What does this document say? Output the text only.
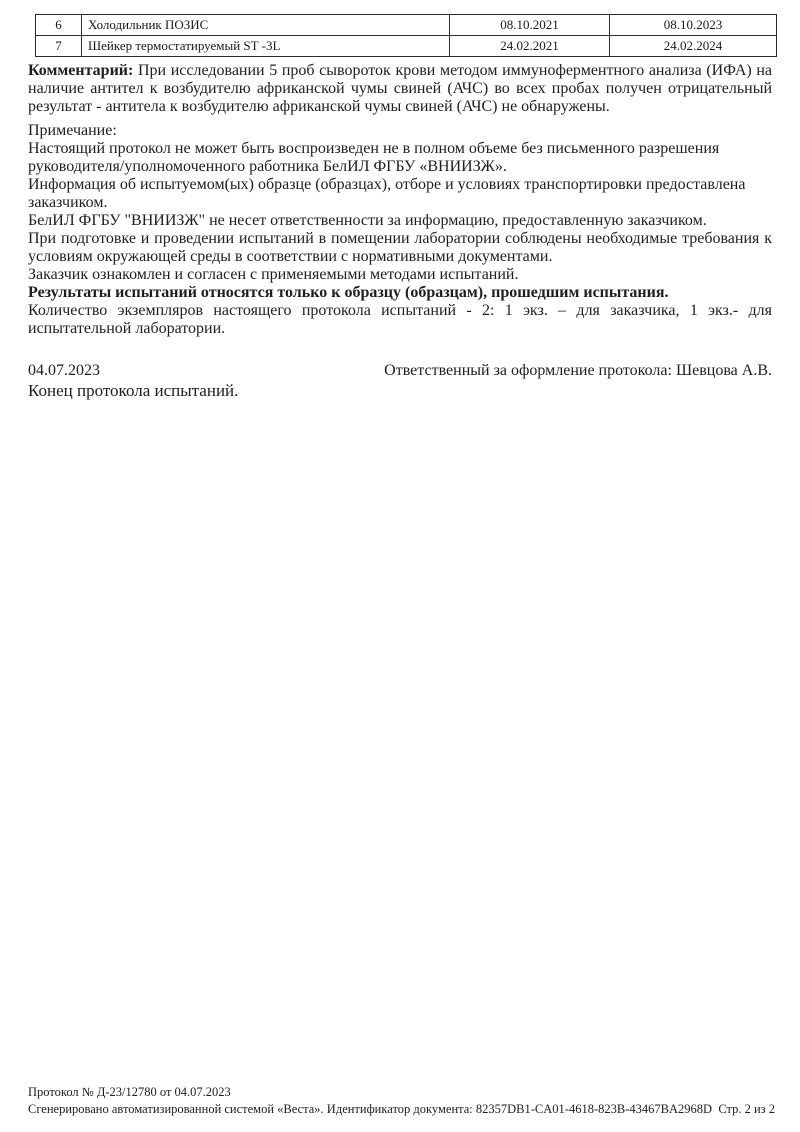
6	Холодильник ПОЗИС	08.10.2021	08.10.2023
7	Шейкер термостатируемый ST -3L	24.02.2021	24.02.2024

Комментарий: При исследовании 5 проб сывороток крови методом иммуноферментного анализа (ИФА) на наличие антител к возбудителю африканской чумы свиней (АЧС) во всех пробах получен отрицательный результат - антитела к возбудителю африканской чумы свиней (АЧС) не обнаружены.

Примечание:
Настоящий протокол не может быть воспроизведен не в полном объеме без письменного разрешения руководителя/уполномоченного работника БелИЛ ФГБУ «ВНИИЗЖ».
Информация об испытуемом(ых) образце (образцах), отборе и условиях транспортировки предоставлена заказчиком.
БелИЛ ФГБУ "ВНИИЗЖ" не несет ответственности за информацию, предоставленную заказчиком.
При подготовке и проведении испытаний в помещении лаборатории соблюдены необходимые требования к условиям окружающей среды в соответствии с нормативными документами.
Заказчик ознакомлен и согласен с применяемыми методами испытаний.
Результаты испытаний относятся только к образцу (образцам), прошедшим испытания.
Количество экземпляров настоящего протокола испытаний - 2: 1 экз. – для заказчика, 1 экз.- для испытательной лаборатории.
04.07.2023	Ответственный за оформление протокола: Шевцова А.В.
Конец протокола испытаний.
Протокол № Д-23/12780 от 04.07.2023
Сгенерировано автоматизированной системой «Веста». Идентификатор документа: 82357DB1-CA01-4618-823B-43467BA2968D Стр. 2 из 2
